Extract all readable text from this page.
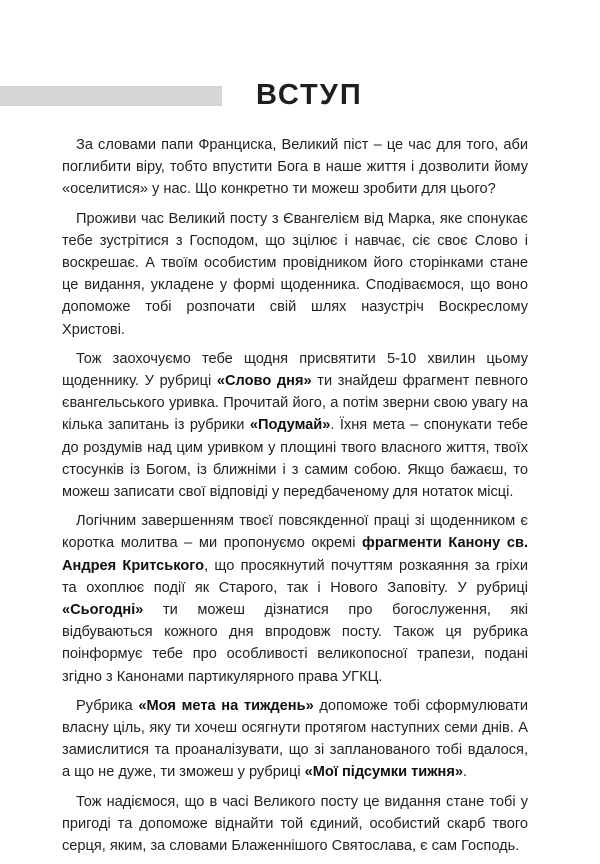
ВСТУП

За словами папи Франциска, Великий піст – це час для того, аби поглибити віру, тобто впустити Бога в наше життя і дозволити йому «оселитися» у нас. Що конкретно ти можеш зробити для цього?

Проживи час Великий посту з Євангелієм від Марка, яке спонукає тебе зустрітися з Господом, що зцілює і навчає, сіє своє Слово і воскрешає. А твоїм особистим провідником його сторінками стане це видання, укладене у формі щоденника. Сподіваємося, що воно допоможе тобі розпочати свій шлях назустріч Воскреслому Христові.

Тож заохочуємо тебе щодня присвятити 5-10 хвилин цьому щоденнику. У рубриці «Слово дня» ти знайдеш фрагмент певного євангельського уривка. Прочитай його, а потім зверни свою увагу на кілька запитань із рубрики «Подумай». Їхня мета – спонукати тебе до роздумів над цим уривком у площині твого власного життя, твоїх стосунків із Богом, із ближніми і з самим собою. Якщо бажаєш, то можеш записати свої відповіді у передбаченому для нотаток місці.

Логічним завершенням твоєї повсякденної праці зі щоденником є коротка молитва – ми пропонуємо окремі фрагменти Канону св. Андрея Критського, що просякнутий почуттям розкаяння за гріхи та охоплює події як Старого, так і Нового Заповіту. У рубриці «Сьогодні» ти можеш дізнатися про богослуження, які відбуваються кожного дня впродовж посту. Також ця рубрика поінформує тебе про особливості великопосної трапези, подані згідно з Канонами партикулярного права УГКЦ.

Рубрика «Моя мета на тиждень» допоможе тобі сформулювати власну ціль, яку ти хочеш осягнути протягом наступних семи днів. А замислитися та проаналізувати, що зі запланованого тобі вдалося, а що не дуже, ти зможеш у рубриці «Мої підсумки тижня».

Тож надіємося, що в часі Великого посту це видання стане тобі у пригоді та допоможе віднайти той єдиний, особистий скарб твого серця, яким, за словами Блаженнішого Святослава, є сам Господь.
